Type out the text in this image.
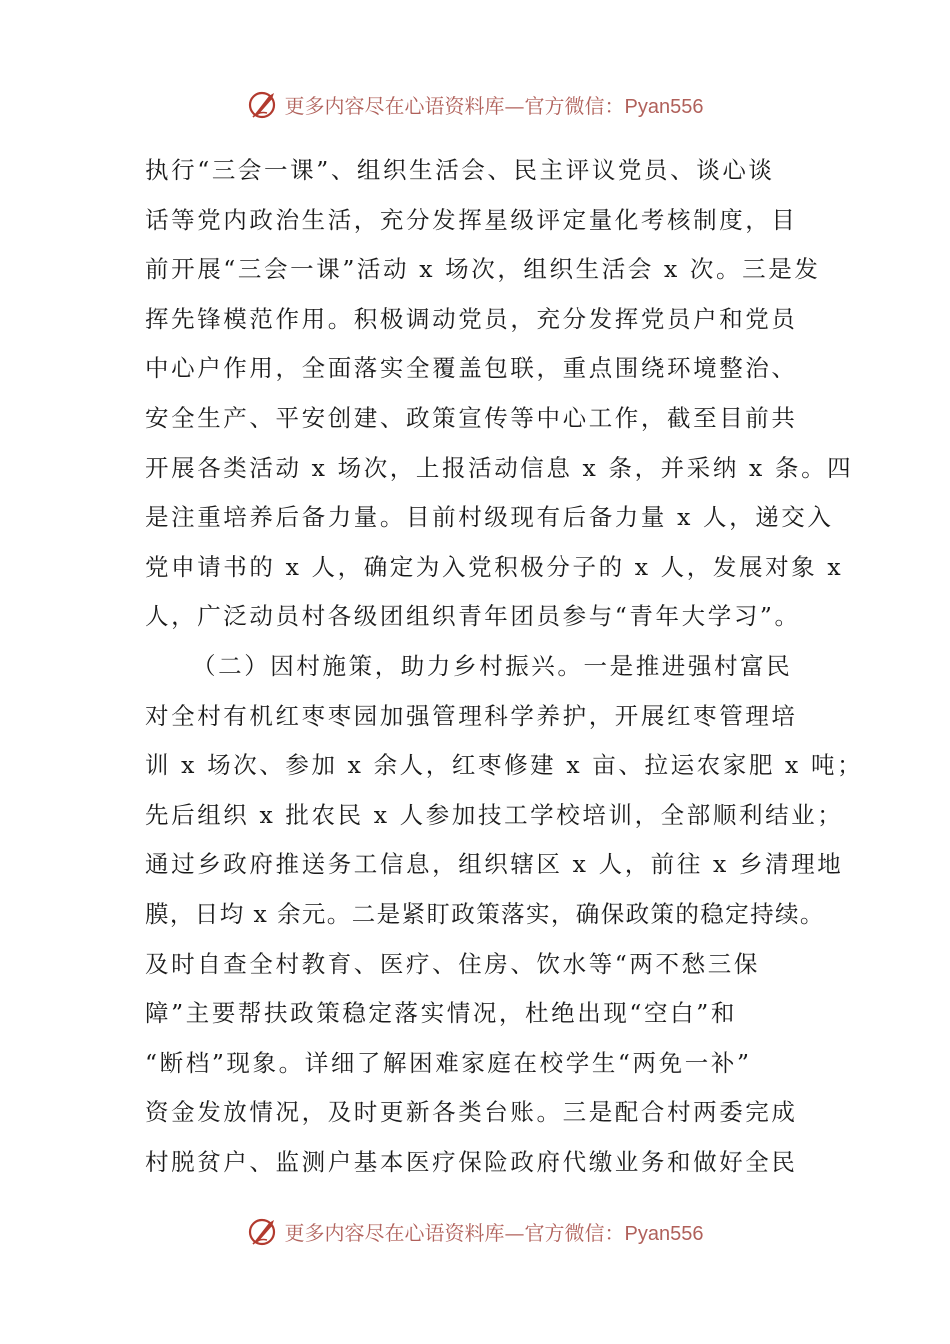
更多内容尽在心语资料库—官方微信：Pyan556
执行“三会一课”、组织生活会、民主评议党员、谈心谈
话等党内政治生活，充分发挥星级评定量化考核制度，目
前开展“三会一课”活动 x 场次，组织生活会 x 次。三是发
挥先锋模范作用。积极调动党员，充分发挥党员户和党员
中心户作用，全面落实全覆盖包联，重点围绕环境整治、
安全生产、平安创建、政策宣传等中心工作，截至目前共
开展各类活动 x 场次，上报活动信息 x 条，并采纳 x 条。四
是注重培养后备力量。目前村级现有后备力量 x 人，递交入
党申请书的 x 人，确定为入党积极分子的 x 人，发展对象 x
人，广泛动员村各级团组织青年团员参与“青年大学习”。
（二）因村施策，助力乡村振兴。一是推进强村富民
对全村有机红枣枣园加强管理科学养护，开展红枣管理培
训 x 场次、参加 x 余人，红枣修建 x 亩、拉运农家肥 x 吨；
先后组织 x 批农民 x 人参加技工学校培训，全部顺利结业；
通过乡政府推送务工信息，组织辖区 x 人，前往 x 乡清理地
膜，日均 x 余元。二是紧盯政策落实，确保政策的稳定持续。
及时自查全村教育、医疗、住房、饮水等“两不愁三保
障”主要帮扶政策稳定落实情况，杜绝出现“空白”和
“断档”现象。详细了解困难家庭在校学生“两免一补”
资金发放情况，及时更新各类台账。三是配合村两委完成
村脱贫户、监测户基本医疗保险政府代缴业务和做好全民
更多内容尽在心语资料库—官方微信：Pyan556
